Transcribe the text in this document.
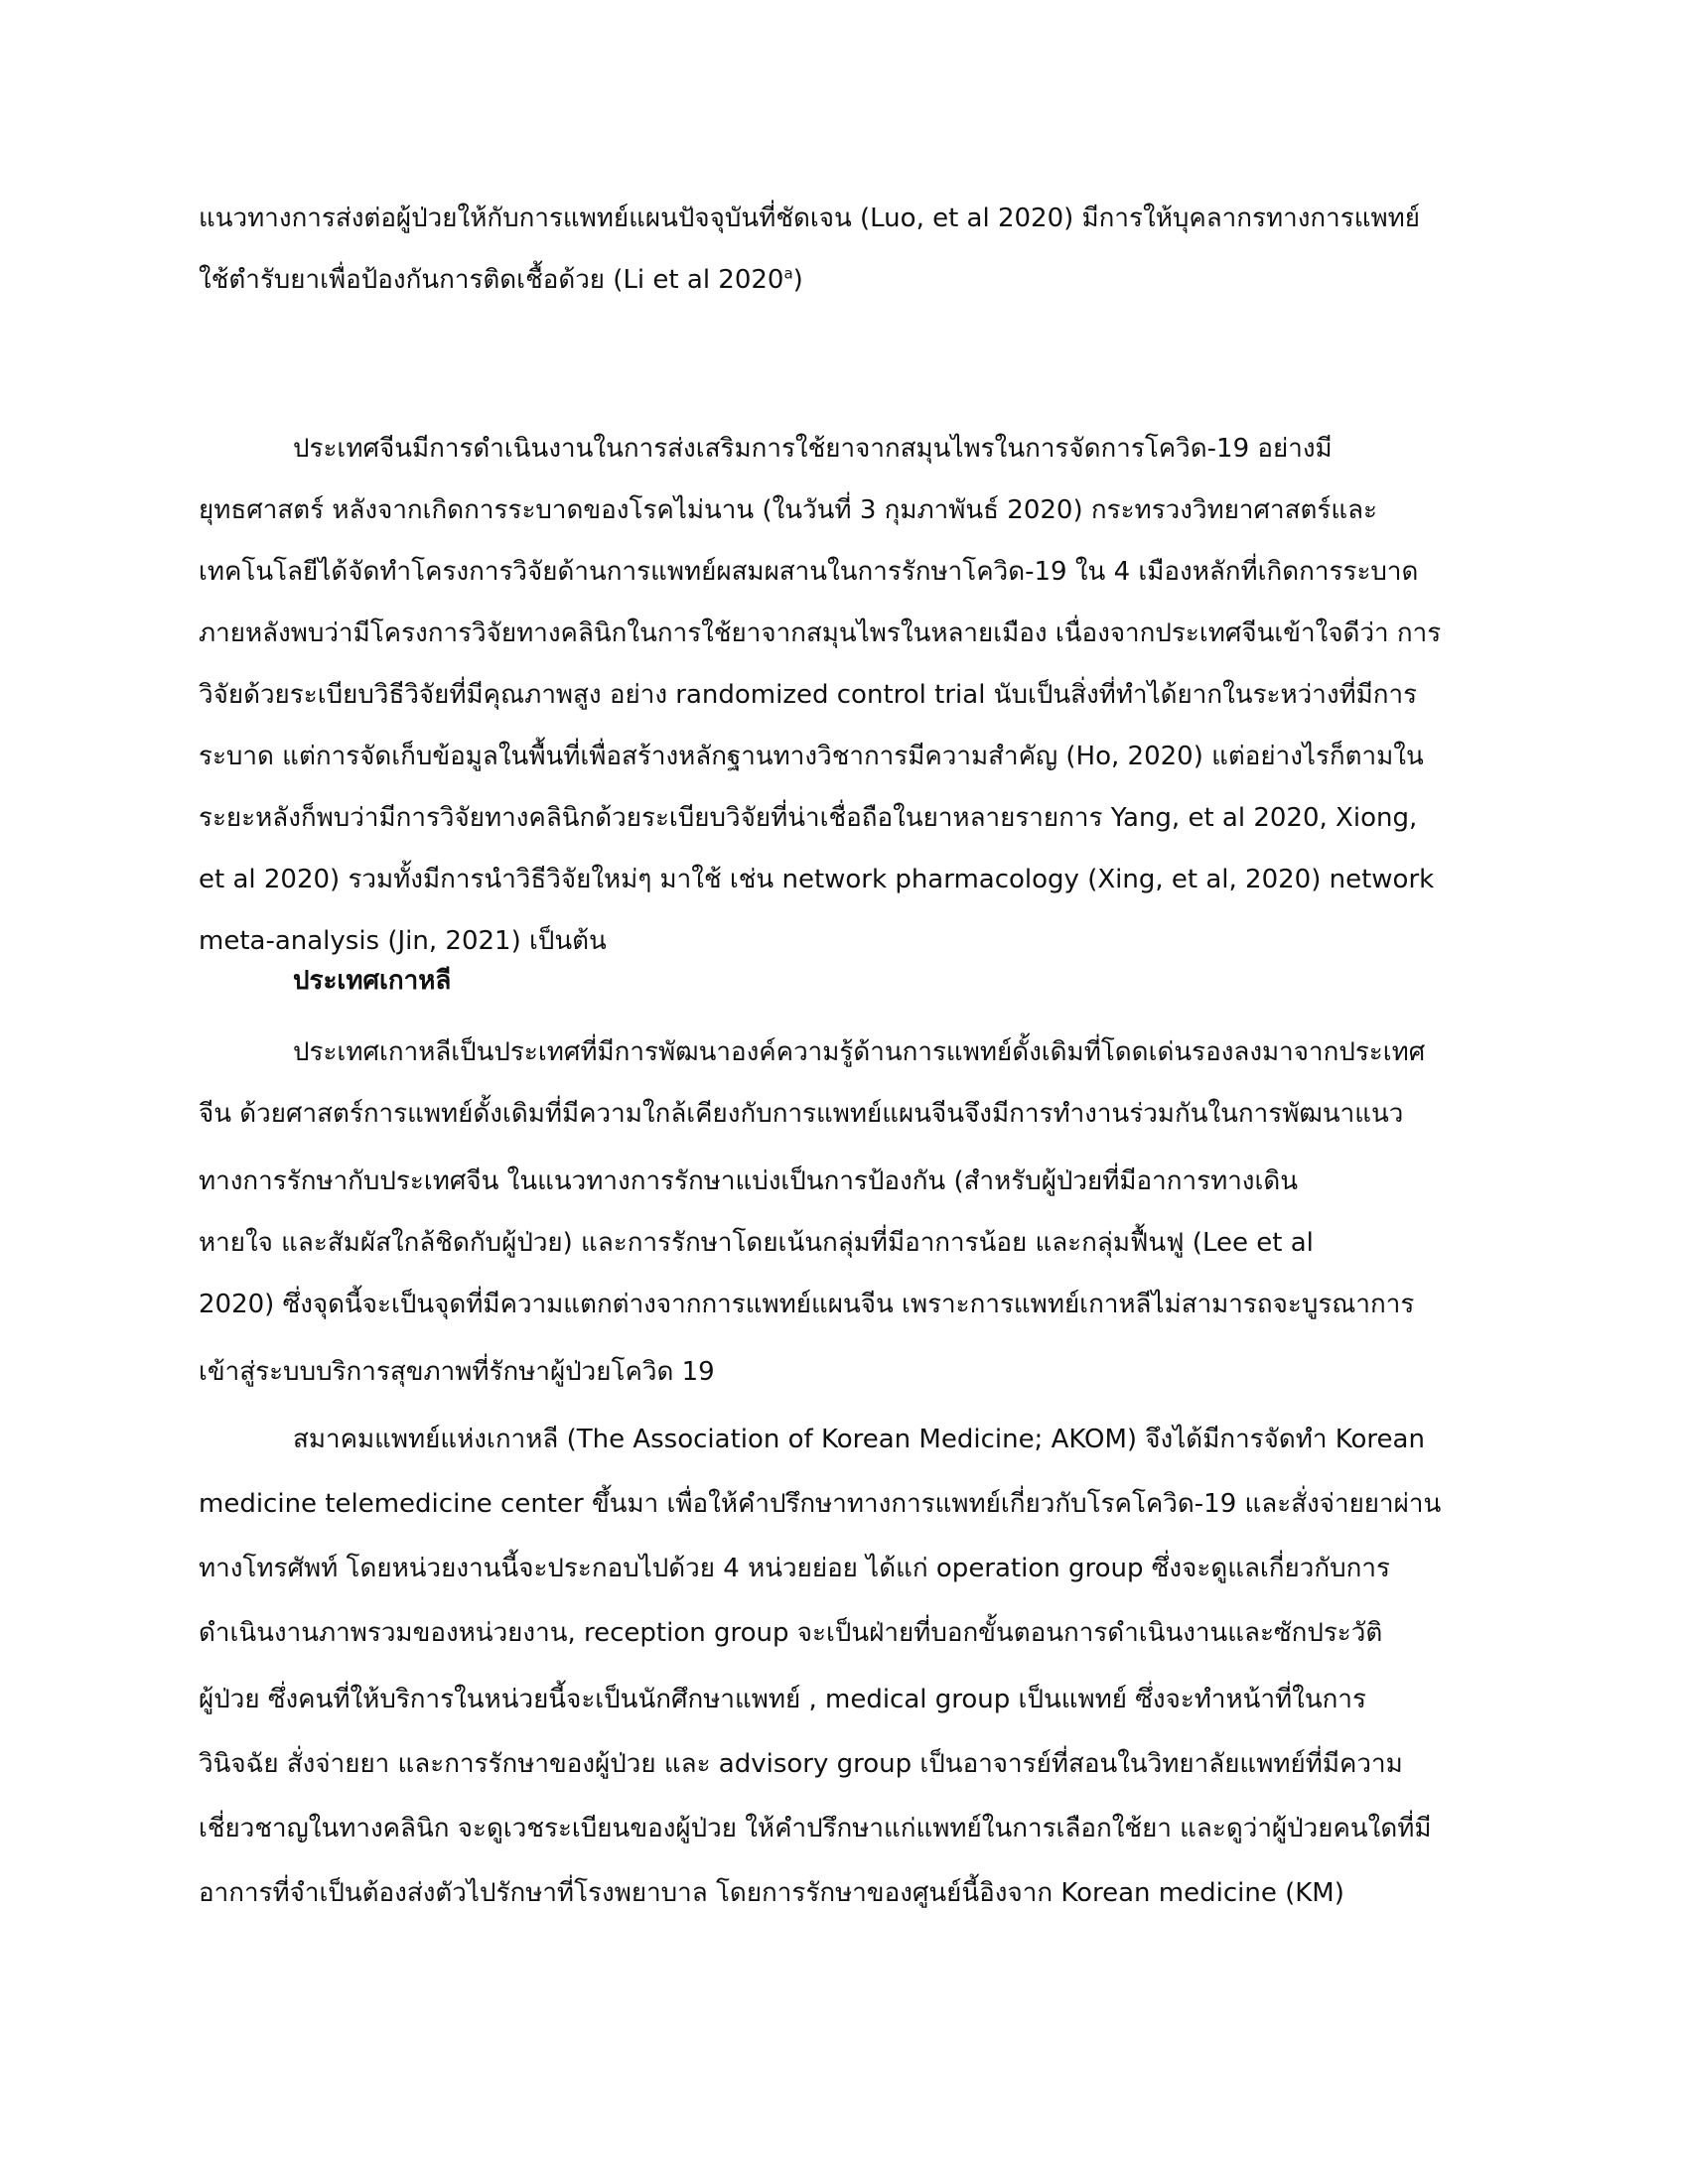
แนวทางการส่งต่อผู้ป่วยให้กับการแพทย์แผนปัจจุบันที่ชัดเจน (Luo, et al 2020) มีการให้บุคลากรทางการแพทย์

ใช้ตำรับยาเพื่อป้องกันการติดเชื้อด้วย (Li et al 2020$^a$)

ประเทศจีนมีการดำเนินงานในการส่งเสริมการใช้ยาจากสมุนไพรในการจัดการโควิด-19 อย่างมี

ยุทธศาสตร์ หลังจากเกิดการระบาดของโรคไม่นาน (ในวันที่ 3 กุมภาพันธ์ 2020) กระทรวงวิทยาศาสตร์และ

เทคโนโลยีได้จัดทำโครงการวิจัยด้านการแพทย์ผสมผสานในการรักษาโควิด-19 ใน 4 เมืองหลักที่เกิดการระบาด

ภายหลังพบว่ามีโครงการวิจัยทางคลินิกในการใช้ยาจากสมุนไพรในหลายเมือง เนื่องจากประเทศจีนเข้าใจดีว่า การ

วิจัยด้วยระเบียบวิธีวิจัยที่มีคุณภาพสูง อย่าง randomized control trial นับเป็นสิ่งที่ทำได้ยากในระหว่างที่มีการ

ระบาด แต่การจัดเก็บข้อมูลในพื้นที่เพื่อสร้างหลักฐานทางวิชาการมีความสำคัญ (Ho, 2020) แต่อย่างไรก็ตามใน

ระยะหลังก็พบว่ามีการวิจัยทางคลินิกด้วยระเบียบวิจัยที่น่าเชื่อถือในยาหลายรายการ Yang, et al 2020, Xiong,

et al 2020) รวมทั้งมีการนำวิธีวิจัยใหม่ๆ มาใช้ เช่น network pharmacology (Xing, et al, 2020) network

meta-analysis (Jin, 2021) เป็นต้น

ประเทศเกาหลี

ประเทศเกาหลีเป็นประเทศที่มีการพัฒนาองค์ความรู้ด้านการแพทย์ดั้งเดิมที่โดดเด่นรองลงมาจากประเทศ

จีน ด้วยศาสตร์การแพทย์ดั้งเดิมที่มีความใกล้เคียงกับการแพทย์แผนจีนจึงมีการทำงานร่วมกันในการพัฒนาแนว

ทางการรักษากับประเทศจีน ในแนวทางการรักษาแบ่งเป็นการป้องกัน (สำหรับผู้ป่วยที่มีอาการทางเดิน

หายใจ และสัมผัสใกล้ชิดกับผู้ป่วย) และการรักษาโดยเน้นกลุ่มที่มีอาการน้อย และกลุ่มฟื้นฟู (Lee et al

2020) ซึ่งจุดนี้จะเป็นจุดที่มีความแตกต่างจากการแพทย์แผนจีน เพราะการแพทย์เกาหลีไม่สามารถจะบูรณาการ

เข้าสู่ระบบบริการสุขภาพที่รักษาผู้ป่วยโควิด 19

สมาคมแพทย์แห่งเกาหลี (The Association of Korean Medicine; AKOM) จึงได้มีการจัดทำ Korean

medicine telemedicine center ขึ้นมา เพื่อให้คำปรึกษาทางการแพทย์เกี่ยวกับโรคโควิด-19 และสั่งจ่ายยาผ่าน

ทางโทรศัพท์ โดยหน่วยงานนี้จะประกอบไปด้วย 4 หน่วยย่อย ได้แก่ operation group ซึ่งจะดูแลเกี่ยวกับการ

ดำเนินงานภาพรวมของหน่วยงาน, reception group จะเป็นฝ่ายที่บอกขั้นตอนการดำเนินงานและซักประวัติ

ผู้ป่วย ซึ่งคนที่ให้บริการในหน่วยนี้จะเป็นนักศึกษาแพทย์ , medical group เป็นแพทย์ ซึ่งจะทำหน้าที่ในการ

วินิจฉัย สั่งจ่ายยา และการรักษาของผู้ป่วย และ advisory group เป็นอาจารย์ที่สอนในวิทยาลัยแพทย์ที่มีความ

เชี่ยวชาญในทางคลินิก จะดูเวชระเบียนของผู้ป่วย ให้คำปรึกษาแก่แพทย์ในการเลือกใช้ยา และดูว่าผู้ป่วยคนใดที่มี

อาการที่จำเป็นต้องส่งตัวไปรักษาที่โรงพยาบาล โดยการรักษาของศูนย์นี้อิงจาก Korean medicine (KM)
